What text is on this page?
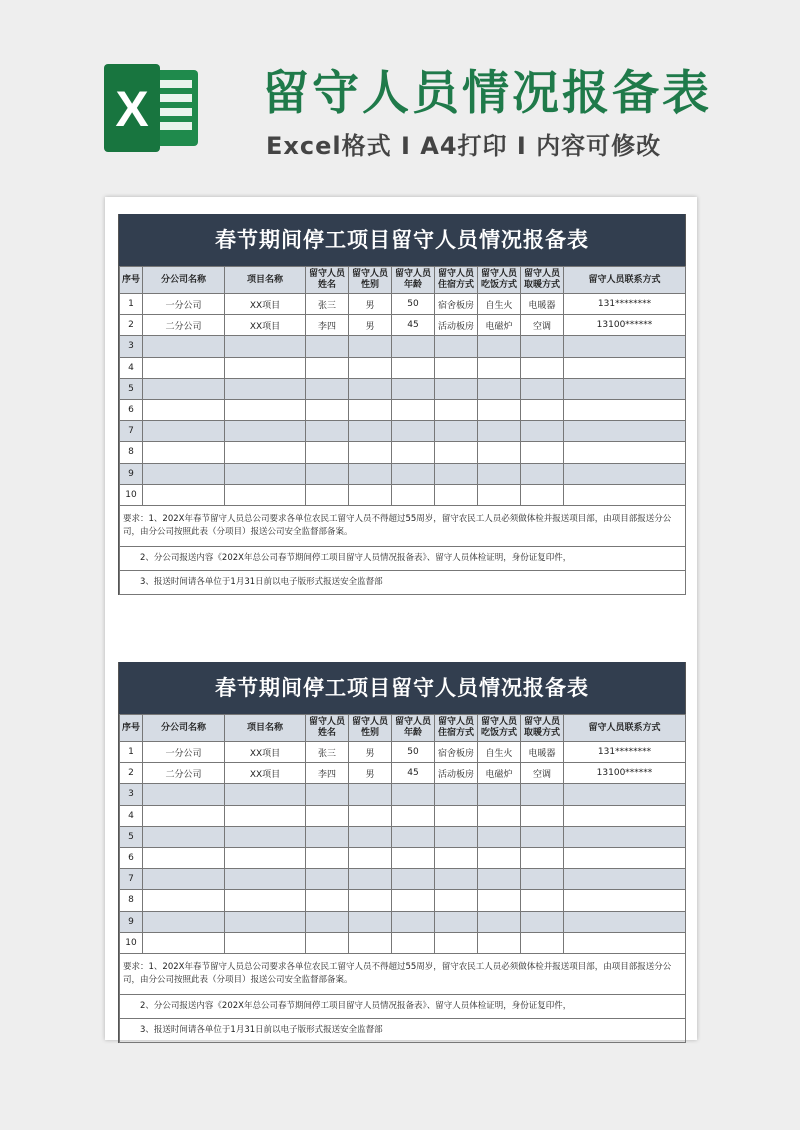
X 留守人员情况报备表
Excel格式 I A4打印 I 内容可修改
春节期间停工项目留守人员情况报备表
序号	分公司名称	项目名称	留守人员姓名	留守人员性别	留守人员年龄	留守人员住宿方式	留守人员吃饭方式	留守人员取暖方式	留守人员联系方式
1	一分公司	XX项目	张三	男	50	宿舍板房	自生火	电暖器	131********
2	二分公司	XX项目	李四	男	45	活动板房	电磁炉	空调	13100******
3									
4									
5									
6									
7									
8									
9									
10									
要求：1、202X年春节留守人员总公司要求各单位农民工留守人员不得超过55周岁，留守农民工人员必须做体检并报送项目部，由项目部报送分公司，由分公司按照此表（分项目）报送公司安全监督部备案。									
2、分公司报送内容《202X年总公司春节期间停工项目留守人员情况报备表》、留守人员体检证明，身份证复印件，									
3、报送时间请各单位于1月31日前以电子版形式报送安全监督部									
春节期间停工项目留守人员情况报备表
序号	分公司名称	项目名称	留守人员姓名	留守人员性别	留守人员年龄	留守人员住宿方式	留守人员吃饭方式	留守人员取暖方式	留守人员联系方式
1	一分公司	XX项目	张三	男	50	宿舍板房	自生火	电暖器	131********
2	二分公司	XX项目	李四	男	45	活动板房	电磁炉	空调	13100******
3									
4									
5									
6									
7									
8									
9									
10									
要求：1、202X年春节留守人员总公司要求各单位农民工留守人员不得超过55周岁，留守农民工人员必须做体检并报送项目部，由项目部报送分公司，由分公司按照此表（分项目）报送公司安全监督部备案。									
2、分公司报送内容《202X年总公司春节期间停工项目留守人员情况报备表》、留守人员体检证明，身份证复印件，									
3、报送时间请各单位于1月31日前以电子版形式报送安全监督部									
